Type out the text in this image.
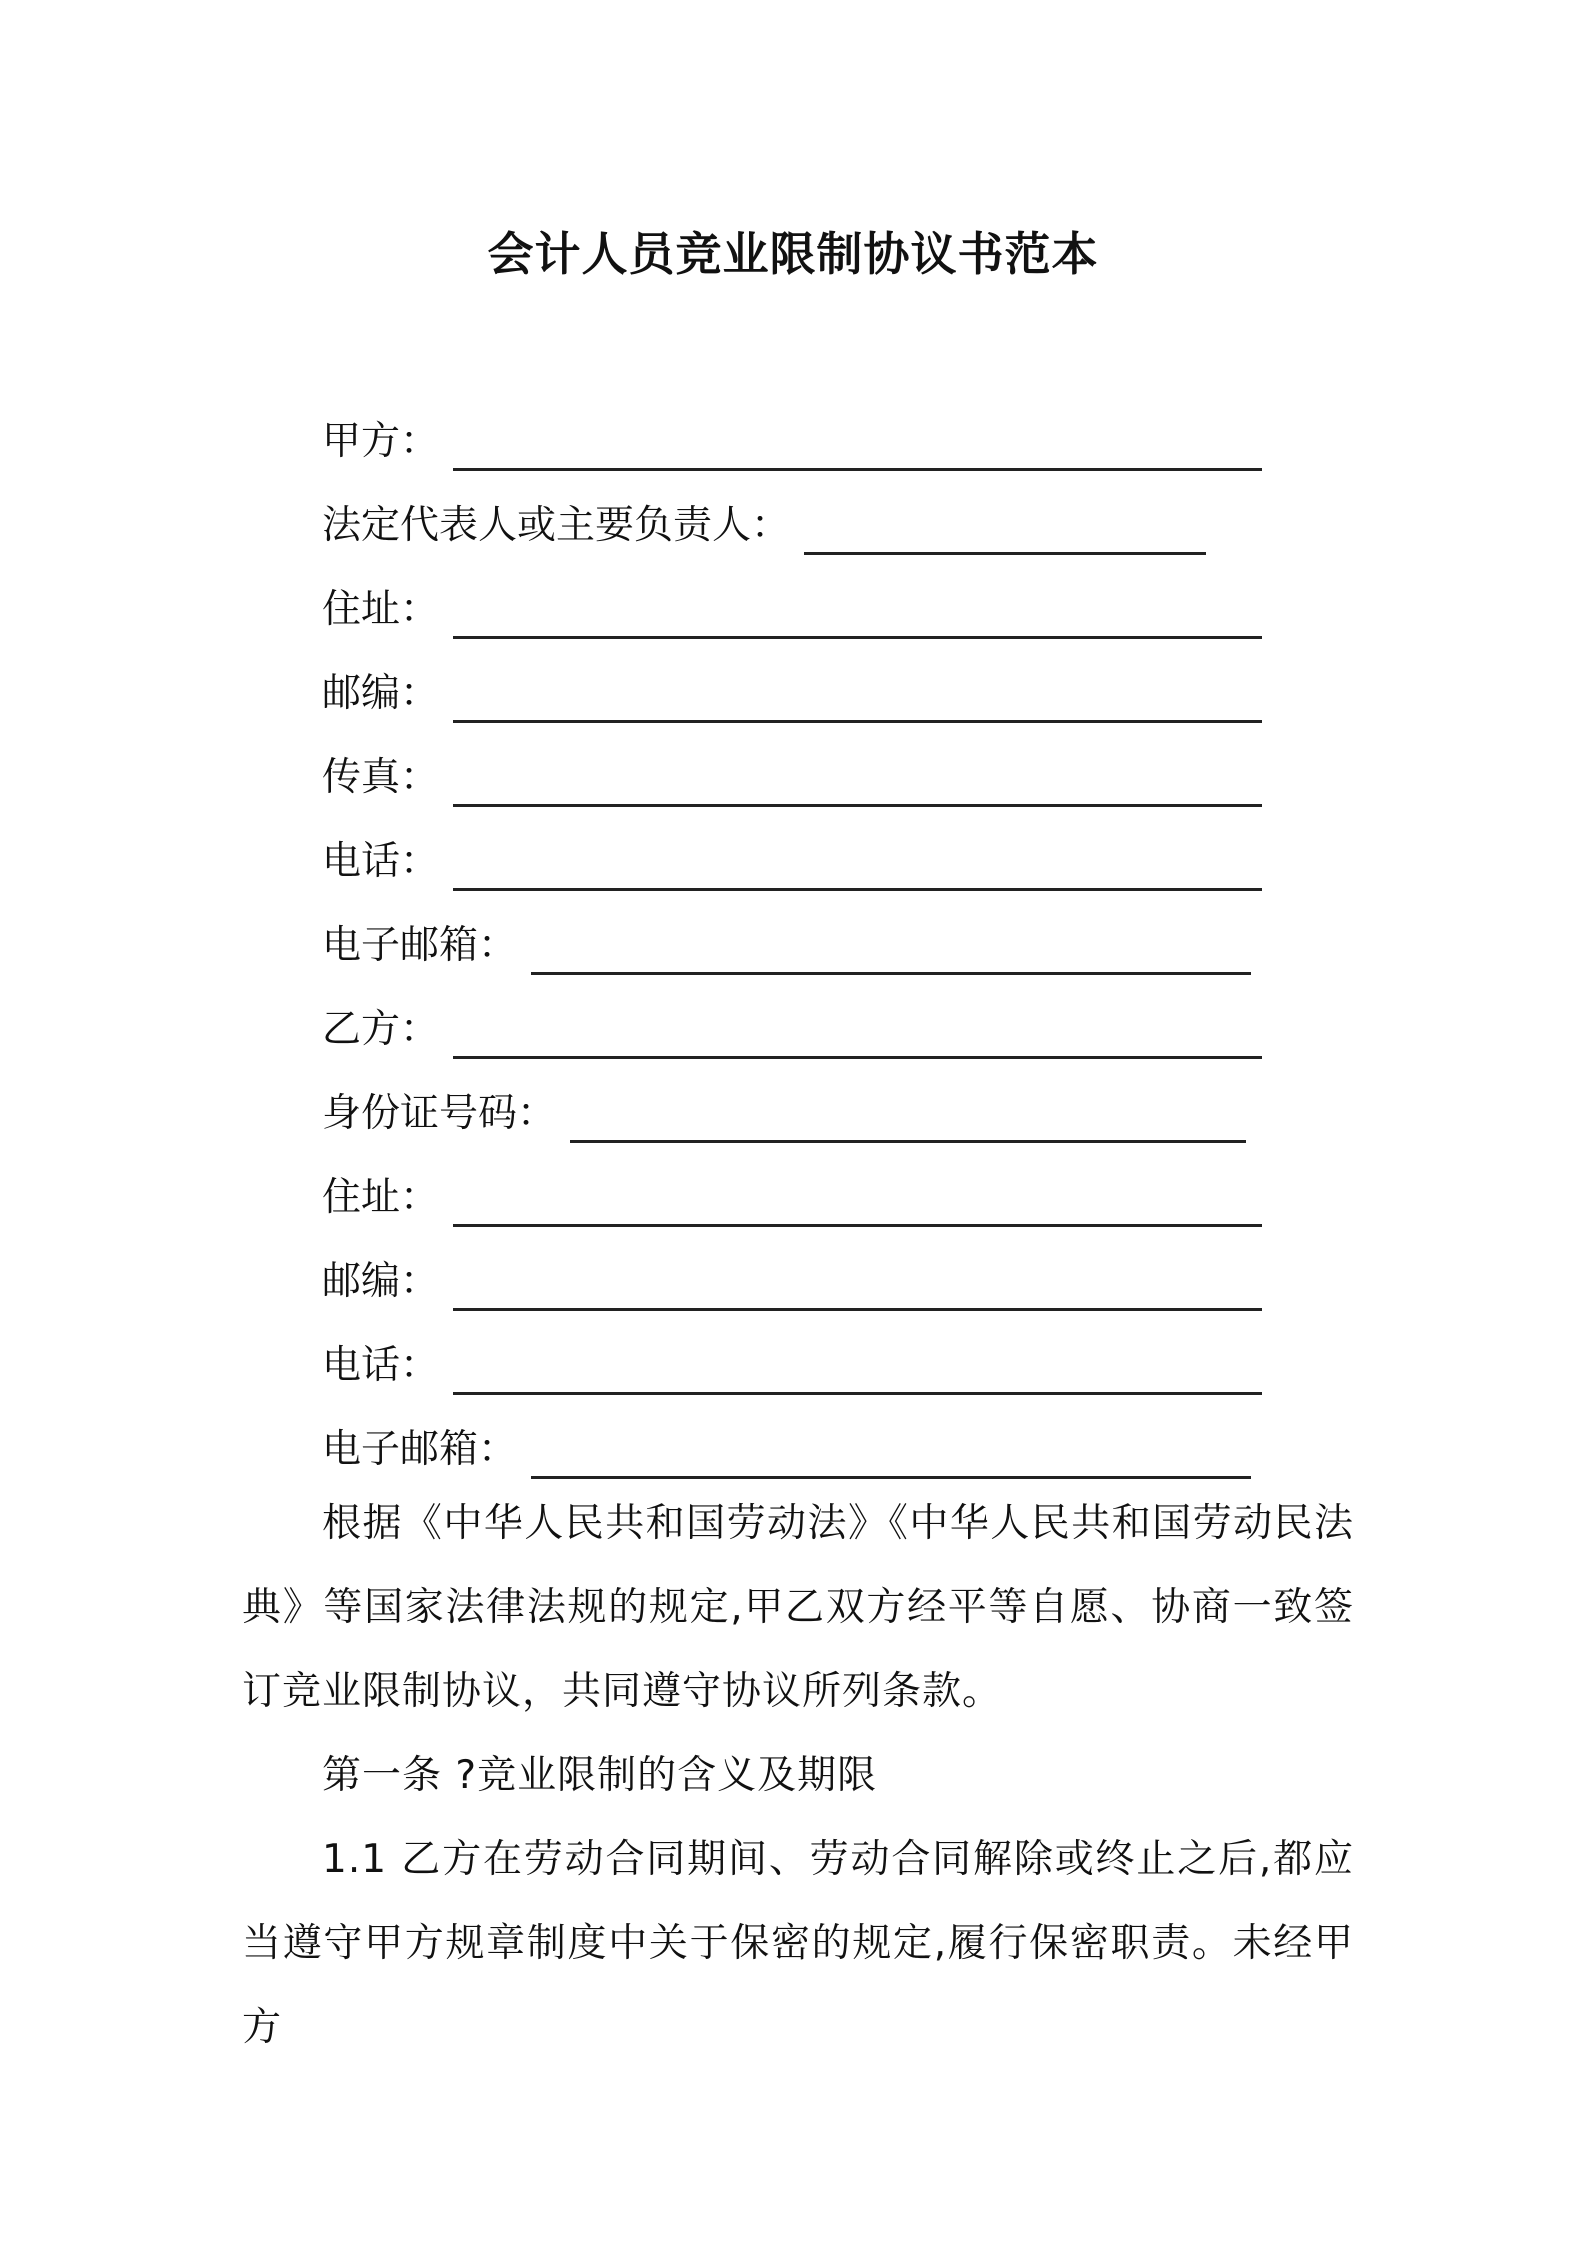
会计人员竞业限制协议书范本
甲方：
法定代表人或主要负责人：
住址：
邮编：
传真：
电话：
电子邮箱：
乙方：
身份证号码：
住址：
邮编：
电话：
电子邮箱：

根据《中华人民共和国劳动法》《中华人民共和国劳动民法典》等国家法律法规的规定,甲乙双方经平等自愿、协商一致签订竞业限制协议，共同遵守协议所列条款。

第一条 ?竞业限制的含义及期限

1.1 乙方在劳动合同期间、劳动合同解除或终止之后,都应当遵守甲方规章制度中关于保密的规定,履行保密职责。未经甲方
